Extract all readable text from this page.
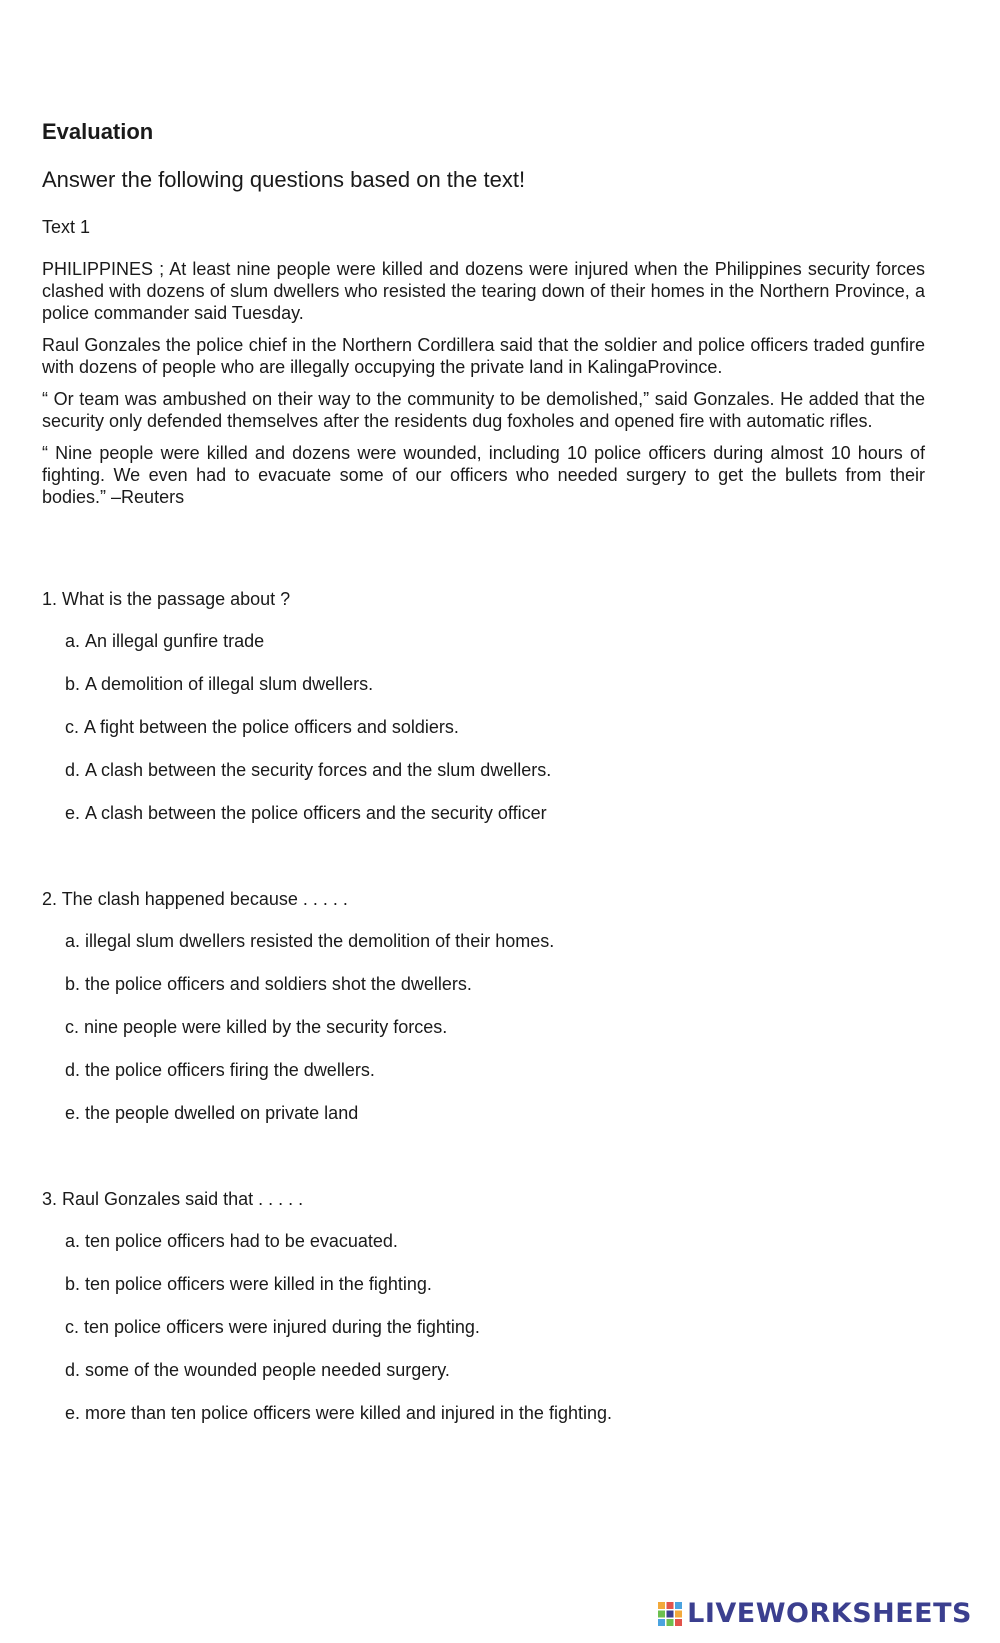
Evaluation

Answer the following questions based on the text!

Text 1

PHILIPPINES ; At least nine people were killed and dozens were injured when the Philippines security forces clashed with dozens of slum dwellers who resisted the tearing down of their homes in the Northern Province, a police commander said Tuesday.

Raul Gonzales the police chief in the Northern Cordillera said that the soldier and police officers traded gunfire with dozens of people who are illegally occupying the private land in KalingaProvince.

“ Or team was ambushed on their way to the community to be demolished,” said Gonzales. He added that the security only defended themselves after the residents dug foxholes and opened fire with automatic rifles.

“ Nine people were killed and dozens were wounded, including 10 police officers during almost 10 hours of fighting. We even had to evacuate some of our officers who needed surgery to get the bullets from their bodies.” –Reuters

1. What is the passage about ?

a. An illegal gunfire trade
b. A demolition of illegal slum dwellers.
c. A fight between the police officers and soldiers.
d. A clash between the security forces and the slum dwellers.
e. A clash between the police officers and the security officer

2. The clash happened because . . . . .

a. illegal slum dwellers resisted the demolition of their homes.
b. the police officers and soldiers shot the dwellers.
c. nine people were killed by the security forces.
d. the police officers firing the dwellers.
e. the people dwelled on private land

3. Raul Gonzales said that . . . . .

a. ten police officers had to be evacuated.
b. ten police officers were killed in the fighting.
c. ten police officers were injured during the fighting.
d. some of the wounded people needed surgery.
e. more than ten police officers were killed and injured in the fighting.
LIVEWORKSHEETS
